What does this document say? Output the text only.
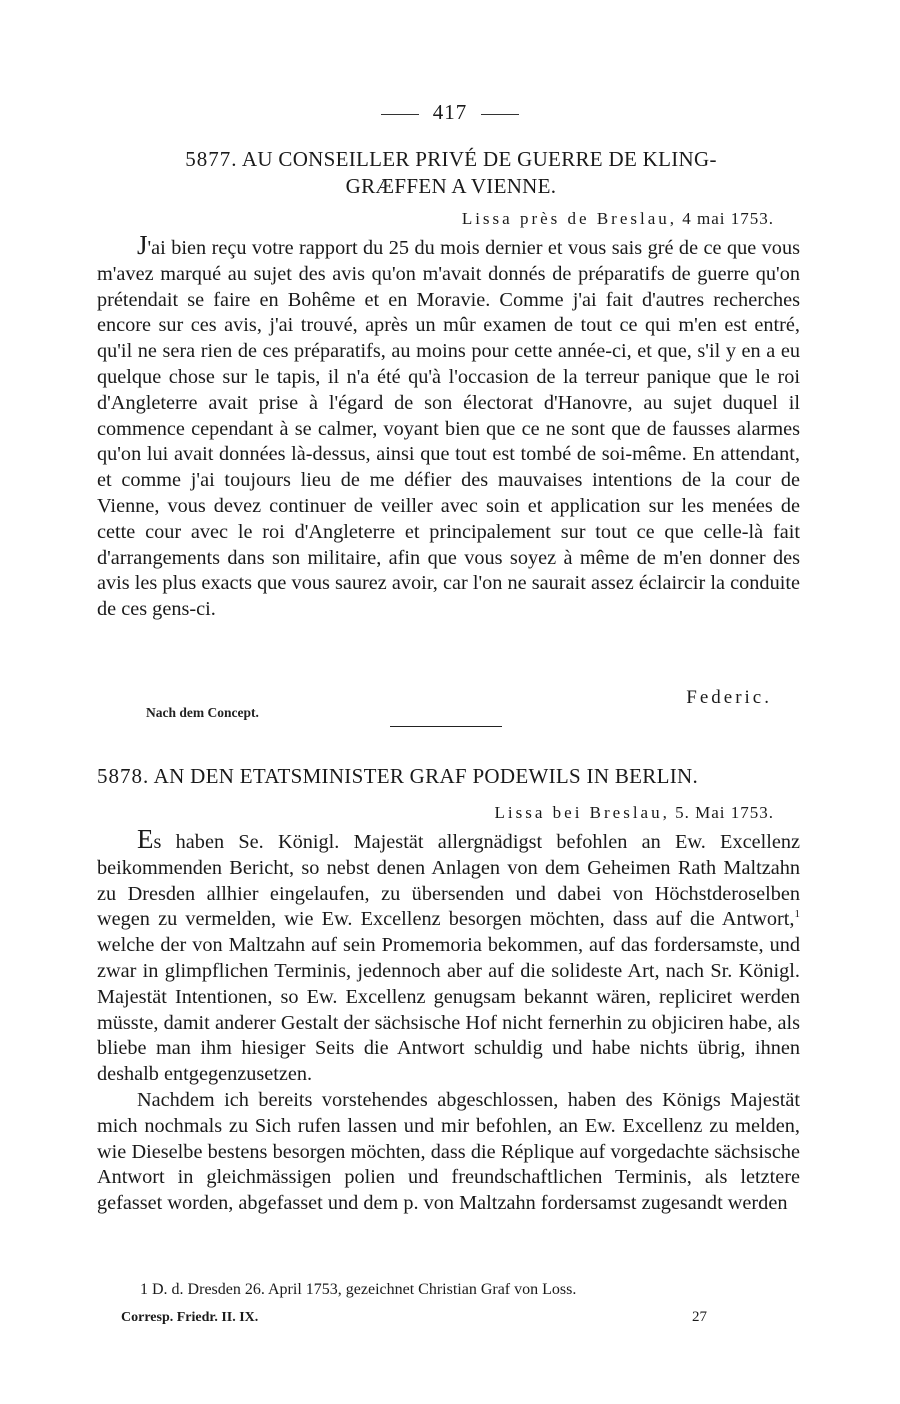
417
5877. AU CONSEILLER PRIVÉ DE GUERRE DE KLING-
GRÆFFEN A VIENNE.
Lissa près de Breslau, 4 mai 1753.

J'ai bien reçu votre rapport du 25 du mois dernier et vous sais gré de ce que vous m'avez marqué au sujet des avis qu'on m'avait donnés de préparatifs de guerre qu'on prétendait se faire en Bohême et en Moravie. Comme j'ai fait d'autres recherches encore sur ces avis, j'ai trouvé, après un mûr examen de tout ce qui m'en est entré, qu'il ne sera rien de ces préparatifs, au moins pour cette année-ci, et que, s'il y en a eu quelque chose sur le tapis, il n'a été qu'à l'occasion de la terreur panique que le roi d'Angleterre avait prise à l'égard de son électorat d'Hanovre, au sujet duquel il commence cependant à se calmer, voyant bien que ce ne sont que de fausses alarmes qu'on lui avait données là-dessus, ainsi que tout est tombé de soi-même. En attendant, et comme j'ai toujours lieu de me défier des mauvaises intentions de la cour de Vienne, vous devez continuer de veiller avec soin et application sur les menées de cette cour avec le roi d'Angleterre et principalement sur tout ce que celle-là fait d'arrangements dans son militaire, afin que vous soyez à même de m'en donner des avis les plus exacts que vous saurez avoir, car l'on ne saurait assez éclaircir la conduite de ces gens-ci.

Federic.
Nach dem Concept.
5878. AN DEN ETATSMINISTER GRAF PODEWILS IN BERLIN.
Lissa bei Breslau, 5. Mai 1753.

Es haben Se. Königl. Majestät allergnädigst befohlen an Ew. Excellenz beikommenden Bericht, so nebst denen Anlagen von dem Geheimen Rath Maltzahn zu Dresden allhier eingelaufen, zu übersenden und dabei von Höchstderoselben wegen zu vermelden, wie Ew. Excellenz besorgen möchten, dass auf die Antwort,$^1$ welche der von Maltzahn auf sein Promemoria bekommen, auf das fordersamste, und zwar in glimpflichen Terminis, jedennoch aber auf die solideste Art, nach Sr. Königl. Majestät Intentionen, so Ew. Excellenz genugsam bekannt wären, repliciret werden müsste, damit anderer Gestalt der sächsische Hof nicht fernerhin zu objiciren habe, als bliebe man ihm hiesiger Seits die Antwort schuldig und habe nichts übrig, ihnen deshalb entgegenzusetzen.

Nachdem ich bereits vorstehendes abgeschlossen, haben des Königs Majestät mich nochmals zu Sich rufen lassen und mir befohlen, an Ew. Excellenz zu melden, wie Dieselbe bestens besorgen möchten, dass die Réplique auf vorgedachte sächsische Antwort in gleichmässigen polien und freundschaftlichen Terminis, als letztere gefasset worden, abgefasset und dem p. von Maltzahn fordersamst zugesandt werden

1 D. d. Dresden 26. April 1753, gezeichnet Christian Graf von Loss.
Corresp. Friedr. II. IX.	27
